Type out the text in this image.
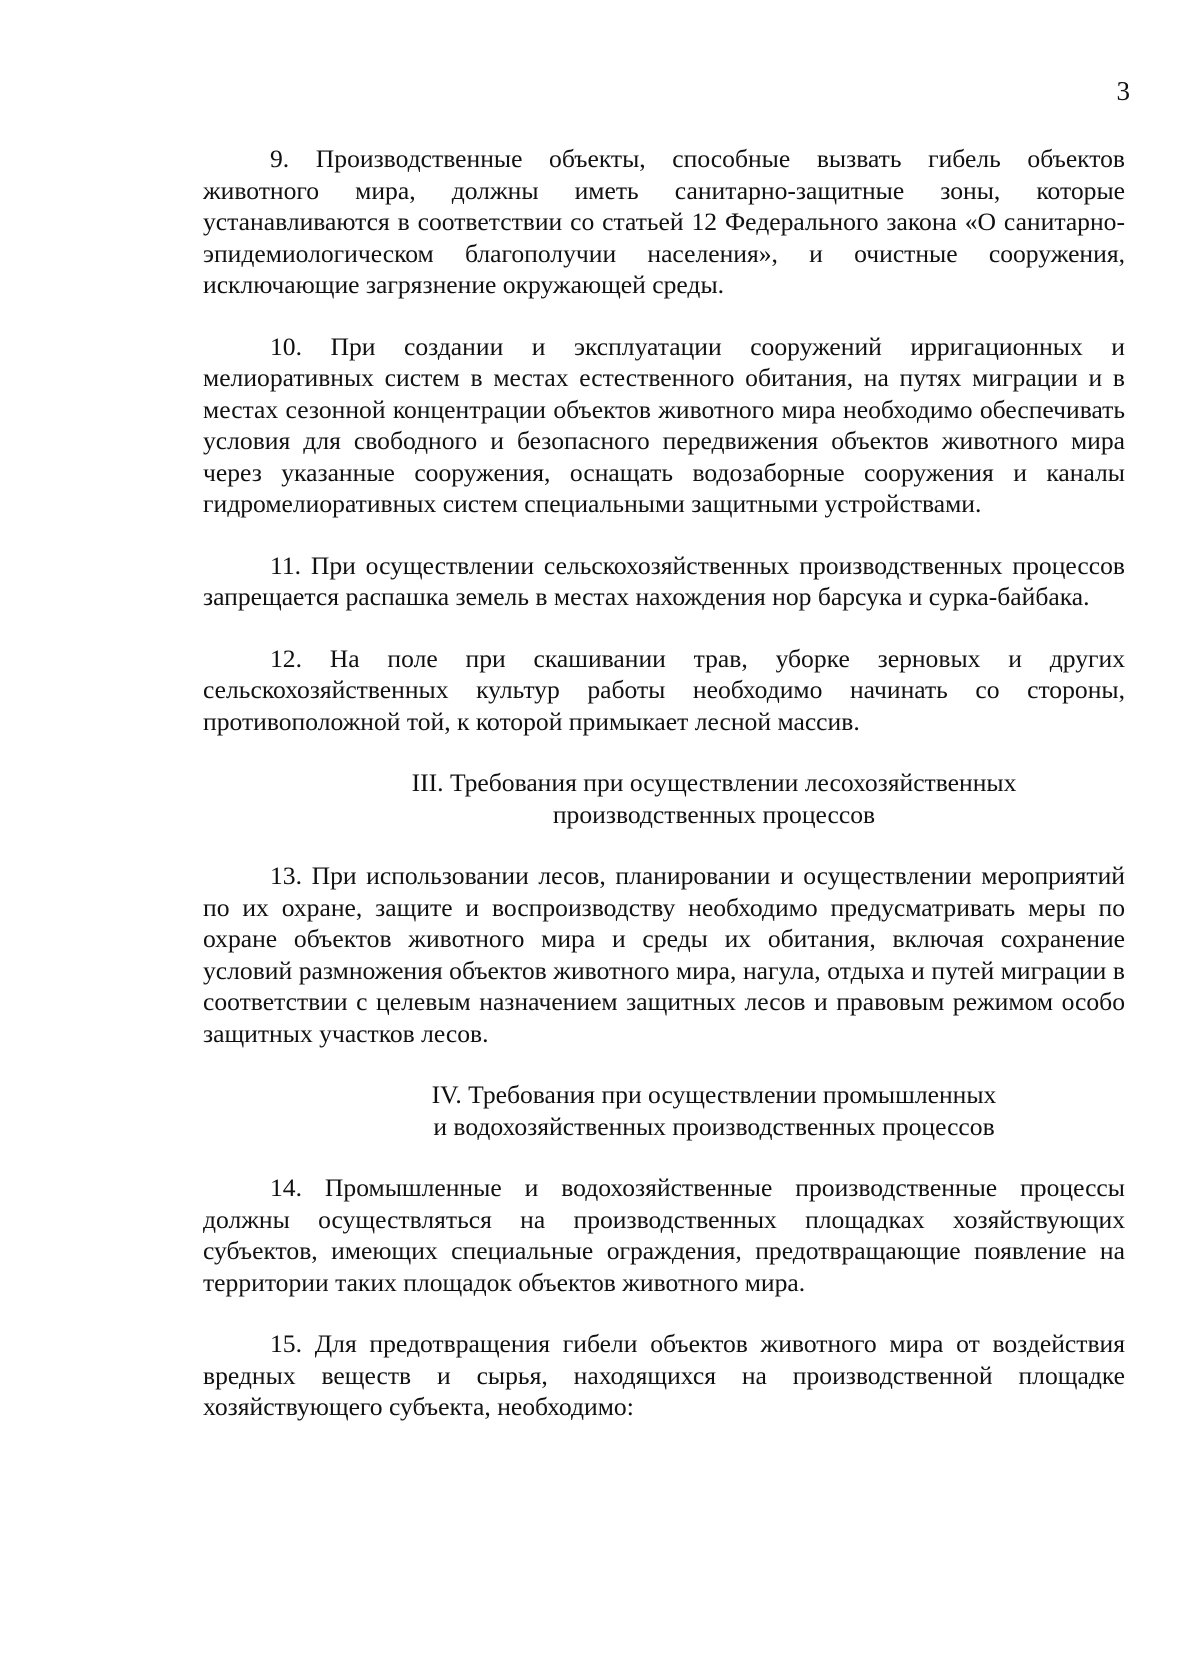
3

9. Производственные объекты, способные вызвать гибель объектов животного мира, должны иметь санитарно-защитные зоны, которые устанавливаются в соответствии со статьей 12 Федерального закона «О санитарно-эпидемиологическом благополучии населения», и очистные сооружения, исключающие загрязнение окружающей среды.

10. При создании и эксплуатации сооружений ирригационных и мелиоративных систем в местах естественного обитания, на путях миграции и в местах сезонной концентрации объектов животного мира необходимо обеспечивать условия для свободного и безопасного передвижения объектов животного мира через указанные сооружения, оснащать водозаборные сооружения и каналы гидромелиоративных систем специальными защитными устройствами.

11. При осуществлении сельскохозяйственных производственных процессов запрещается распашка земель в местах нахождения нор барсука и сурка-байбака.

12. На поле при скашивании трав, уборке зерновых и других сельскохозяйственных культур работы необходимо начинать со стороны, противоположной той, к которой примыкает лесной массив.

III. Требования при осуществлении лесохозяйственных
производственных процессов

13. При использовании лесов, планировании и осуществлении мероприятий по их охране, защите и воспроизводству необходимо предусматривать меры по охране объектов животного мира и среды их обитания, включая сохранение условий размножения объектов животного мира, нагула, отдыха и путей миграции в соответствии с целевым назначением защитных лесов и правовым режимом особо защитных участков лесов.

IV. Требования при осуществлении промышленных
и водохозяйственных производственных процессов

14. Промышленные и водохозяйственные производственные процессы должны осуществляться на производственных площадках хозяйствующих субъектов, имеющих специальные ограждения, предотвращающие появление на территории таких площадок объектов животного мира.

15. Для предотвращения гибели объектов животного мира от воздействия вредных веществ и сырья, находящихся на производственной площадке хозяйствующего субъекта, необходимо:
